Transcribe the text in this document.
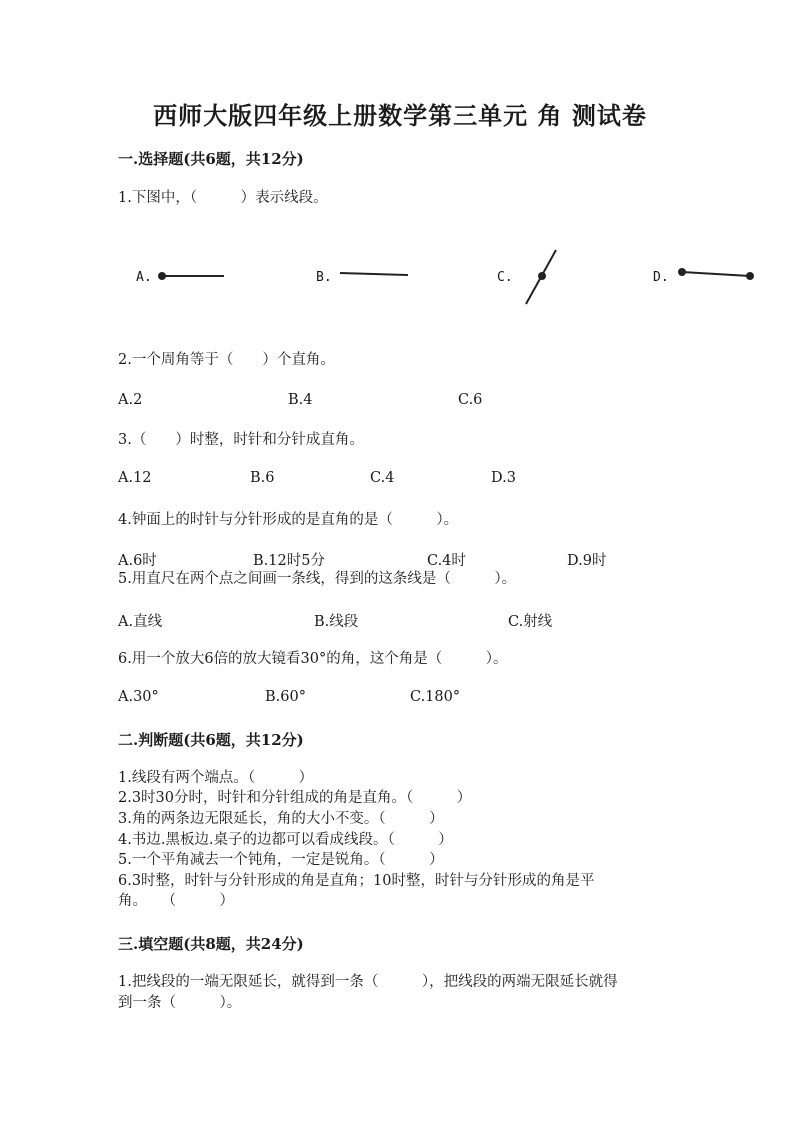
西师大版四年级上册数学第三单元 角 测试卷
一.选择题(共6题，共12分)
1.下图中，（　　　）表示线段。
A.	B.	C.	D.
2.一个周角等于（　　）个直角。
A.2	B.4	C.6
3.（　　）时整，时针和分针成直角。
A.12	B.6	C.4	D.3
4.钟面上的时针与分针形成的是直角的是（　　　）。
A.6时	B.12时5分	C.4时	D.9时
5.用直尺在两个点之间画一条线，得到的这条线是（　　　）。
A.直线	B.线段	C.射线
6.用一个放大6倍的放大镜看30°的角，这个角是（　　　）。
A.30°	B.60°	C.180°
二.判断题(共6题，共12分)
1.线段有两个端点。（　　　）
2.3时30分时，时针和分针组成的角是直角。（　　　）
3.角的两条边无限延长，角的大小不变。（　　　）
4.书边.黑板边.桌子的边都可以看成线段。（　　　）
5.一个平角减去一个钝角，一定是锐角。（　　　）
6.3时整，时针与分针形成的角是直角；10时整，时针与分针形成的角是平
角。　　（　　　）
三.填空题(共8题，共24分)
1.把线段的一端无限延长，就得到一条（　　　），把线段的两端无限延长就得
到一条（　　　）。
